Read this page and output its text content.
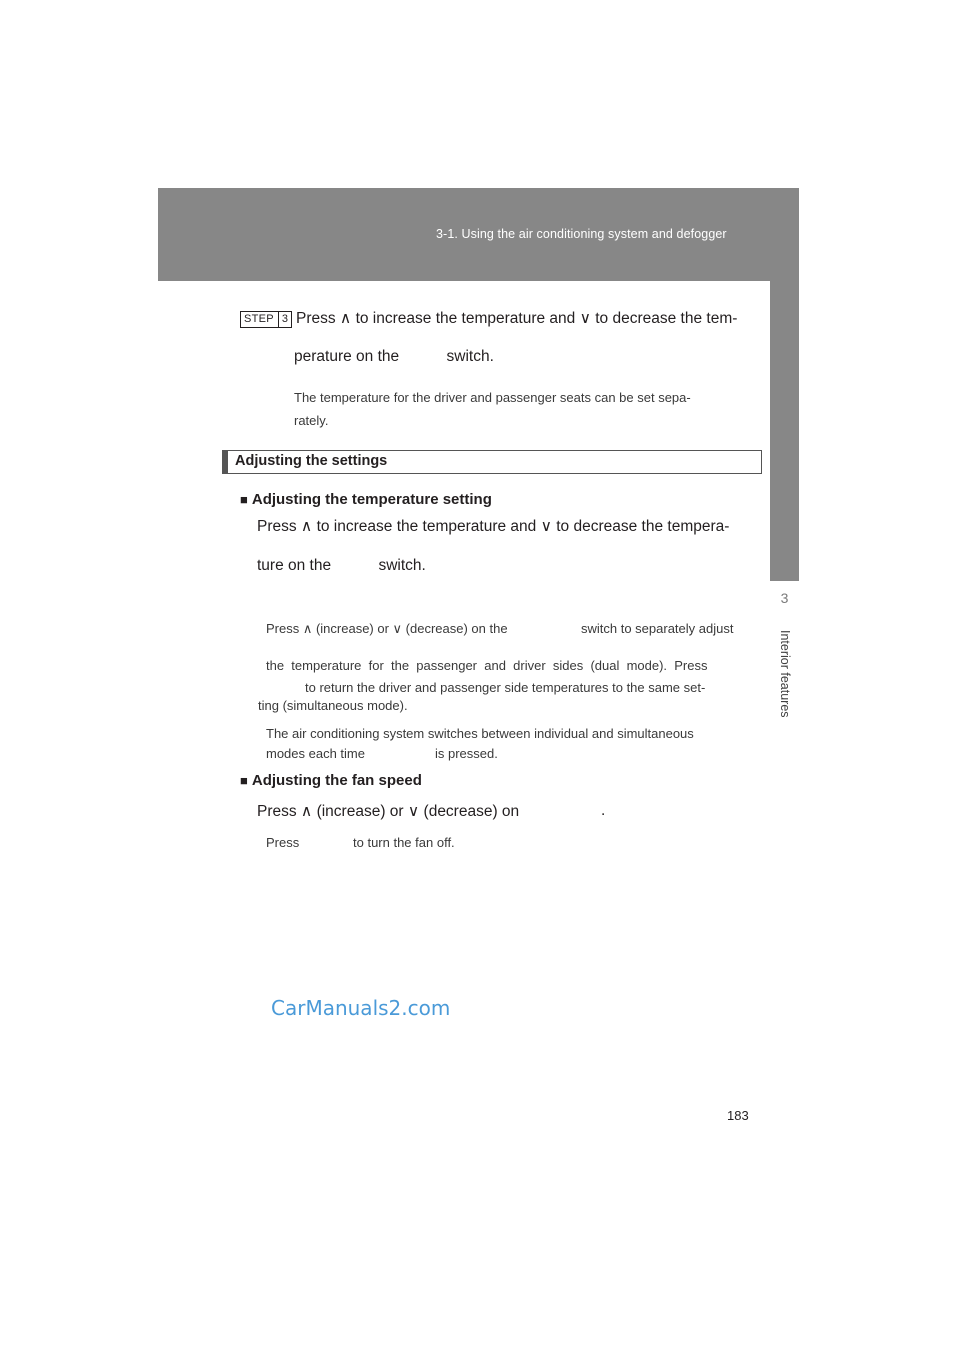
3-1. Using the air conditioning system and defogger
3
Interior features
STEP 3 Press ∧ to increase the temperature and ∨ to decrease the tem-
perature on the           switch.
The temperature for the driver and passenger seats can be set sepa-
rately.
Adjusting the settings
■ Adjusting the temperature setting
Press ∧ to increase the temperature and ∨ to decrease the tempera-
ture on the           switch.
Press ∧ (increase) or ∨ (decrease) on the	switch to separately adjust
the  temperature  for  the  passenger  and  driver  sides  (dual  mode).  Press
to return the driver and passenger side temperatures to the same set-
ting (simultaneous mode).
The air conditioning system switches between individual and simultaneous
modes each time	is pressed.
■ Adjusting the fan speed
Press ∧ (increase) or ∨ (decrease) on	.
Press	to turn the fan off.
CarManuals2.com
183
